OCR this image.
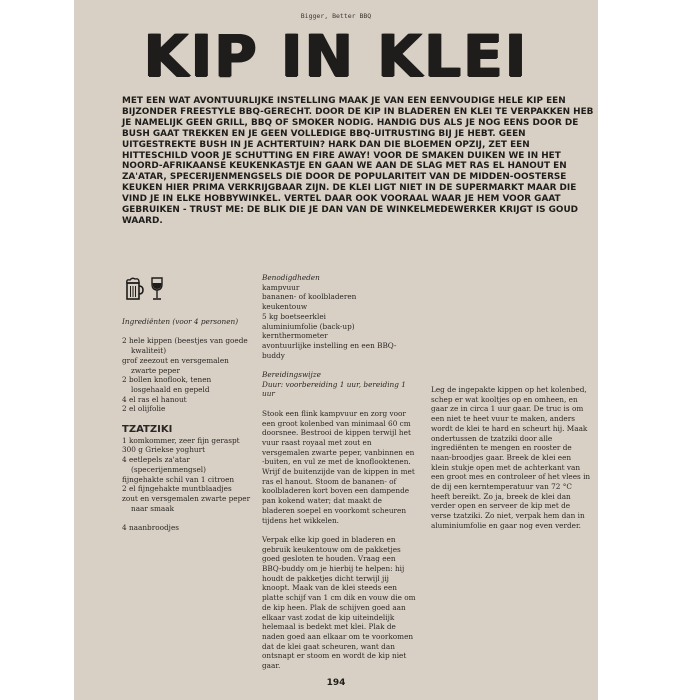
Bigger, Better BBQ
KIP IN KLEI

MET EEN WAT AVONTUURLIJKE INSTELLING MAAK JE VAN EEN EENVOUDIGE HELE KIP EEN BIJZONDER FREESTYLE BBQ-GERECHT. DOOR DE KIP IN BLADEREN EN KLEI TE VERPAKKEN HEB JE NAMELIJK GEEN GRILL, BBQ OF SMOKER NODIG. HANDIG DUS ALS JE NOG EENS DOOR DE BUSH GAAT TREKKEN EN JE GEEN VOLLEDIGE BBQ-UITRUSTING BIJ JE HEBT. GEEN UITGESTREKTE BUSH IN JE ACHTERTUIN? HARK DAN DIE BLOEMEN OPZIJ, ZET EEN HITTESCHILD VOOR JE SCHUTTING EN FIRE AWAY! VOOR DE SMAKEN DUIKEN WE IN HET NOORD-AFRIKAANSE KEUKENKASTJE EN GAAN WE AAN DE SLAG MET RAS EL HANOUT EN ZA'ATAR, SPECERIJENMENGSELS DIE DOOR DE POPULARITEIT VAN DE MIDDEN-OOSTERSE KEUKEN HIER PRIMA VERKRIJGBAAR ZIJN. DE KLEI LIGT NIET IN DE SUPERMARKT MAAR DIE VIND JE IN ELKE HOBBYWINKEL. VERTEL DAAR OOK VOORAAL WAAR JE HEM VOOR GAAT GEBRUIKEN - TRUST ME: DE BLIK DIE JE DAN VAN DE WINKELMEDEWERKER KRIJGT IS GOUD WAARD.

Ingrediënten (voor 4 personen)

2 hele kippen (beestjes van goede kwaliteit)

grof zeezout en versgemalen zwarte peper

2 bollen knoflook, tenen losgehaald en gepeld

4 el ras el hanout

2 el olijfolie

TZATZIKI

1 komkommer, zeer fijn geraspt

300 g Griekse yoghurt

4 eetlepels za'atar (specerijenmengsel)

fijngehakte schil van 1 citroen

2 el fijngehakte muntblaadjes

zout en versgemalen zwarte peper naar smaak

4 naanbroodjes

Benodigdheden

kampvuur

bananen- of koolbladeren

keukentouw

5 kg boetseerklei

aluminiumfolie (back-up)

kernthermometer

avontuurlijke instelling en een BBQ-buddy

Bereidingswijze

Duur: voorbereiding 1 uur, bereiding 1 uur

Stook een flink kampvuur en zorg voor een groot kolenbed van minimaal 60 cm doorsnee. Bestrooi de kippen terwijl het vuur raast royaal met zout en versgemalen zwarte peper, vanbinnen en -buiten, en vul ze met de knoflooktenen. Wrijf de buitenzijde van de kippen in met ras el hanout. Stoom de bananen- of koolbladeren kort boven een dampende pan kokend water; dat maakt de bladeren soepel en voorkomt scheuren tijdens het wikkelen.

Verpak elke kip goed in bladeren en gebruik keukentouw om de pakketjes goed gesloten te houden. Vraag een BBQ-buddy om je hierbij te helpen: hij houdt de pakketjes dicht terwijl jij knoopt. Maak van de klei steeds een platte schijf van 1 cm dik en vouw die om de kip heen. Plak de schijven goed aan elkaar vast zodat de kip uiteindelijk helemaal is bedekt met klei. Plak de naden goed aan elkaar om te voorkomen dat de klei gaat scheuren, want dan ontsnapt er stoom en wordt de kip niet gaar.

Leg de ingepakte kippen op het kolenbed, schep er wat kooltjes op en omheen, en gaar ze in circa 1 uur gaar. De truc is om een niet te heet vuur te maken, anders wordt de klei te hard en scheurt hij. Maak ondertussen de tzatziki door alle ingrediënten te mengen en rooster de naan-broodjes gaar. Breek de klei een klein stukje open met de achterkant van een groot mes en controleer of het vlees in de dij een kerntemperatuur van 72 °C heeft bereikt. Zo ja, breek de klei dan verder open en serveer de kip met de verse tzatziki. Zo niet, verpak hem dan in aluminiumfolie en gaar nog even verder.

194
